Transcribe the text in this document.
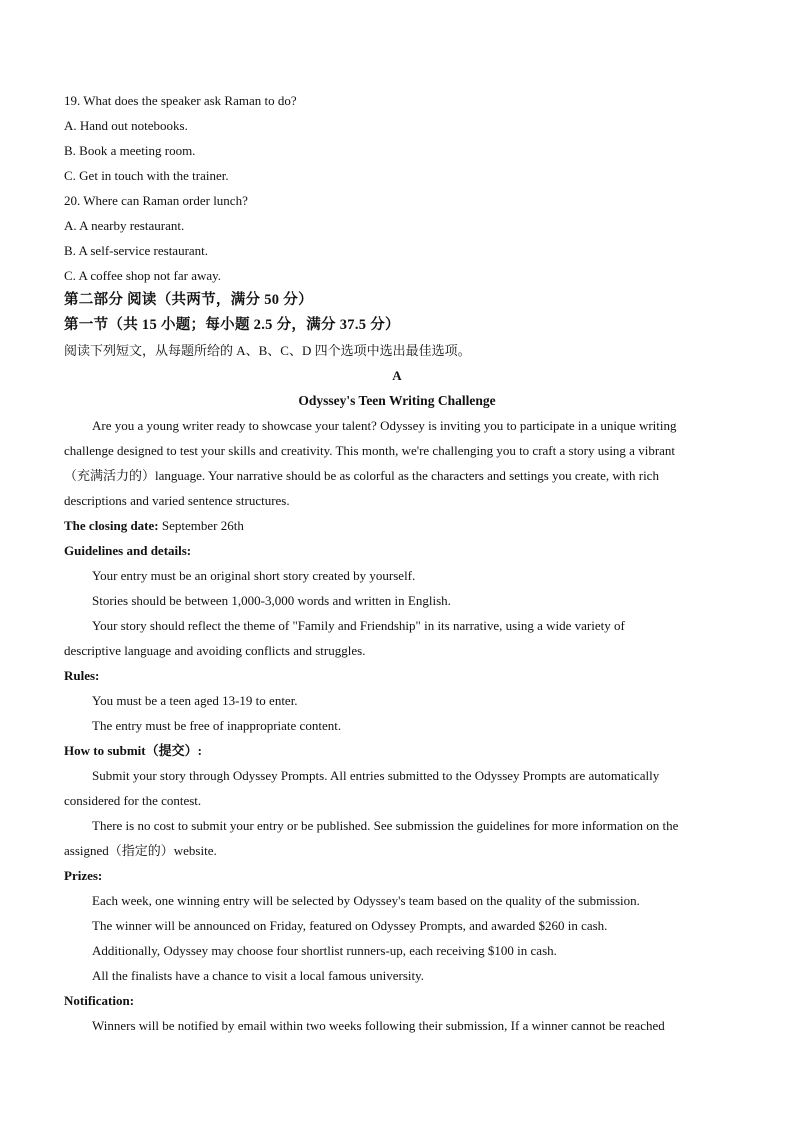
19. What does the speaker ask Raman to do?
A. Hand out notebooks.
B. Book a meeting room.
C. Get in touch with the trainer.
20. Where can Raman order lunch?
A. A nearby restaurant.
B. A self-service restaurant.
C. A coffee shop not far away.
第二部分 阅读（共两节，满分 50 分）
第一节（共 15 小题；每小题 2.5 分，满分 37.5 分）
阅读下列短文，从每题所给的 A、B、C、D 四个选项中选出最佳选项。
A
Odyssey's Teen Writing Challenge
Are you a young writer ready to showcase your talent? Odyssey is inviting you to participate in a unique writing
challenge designed to test your skills and creativity. This month, we're challenging you to craft a story using a vibrant
（充满活力的）language. Your narrative should be as colorful as the characters and settings you create, with rich
descriptions and varied sentence structures.
The closing date: September 26th
Guidelines and details:
Your entry must be an original short story created by yourself.
Stories should be between 1,000-3,000 words and written in English.
Your story should reflect the theme of "Family and Friendship" in its narrative, using a wide variety of
descriptive language and avoiding conflicts and struggles.
Rules:
You must be a teen aged 13-19 to enter.
The entry must be free of inappropriate content.
How to submit（提交）:
Submit your story through Odyssey Prompts. All entries submitted to the Odyssey Prompts are automatically
considered for the contest.
There is no cost to submit your entry or be published. See submission the guidelines for more information on the
assigned（指定的）website.
Prizes:
Each week, one winning entry will be selected by Odyssey's team based on the quality of the submission.
The winner will be announced on Friday, featured on Odyssey Prompts, and awarded $260 in cash.
Additionally, Odyssey may choose four shortlist runners-up, each receiving $100 in cash.
All the finalists have a chance to visit a local famous university.
Notification:
Winners will be notified by email within two weeks following their submission, If a winner cannot be reached
